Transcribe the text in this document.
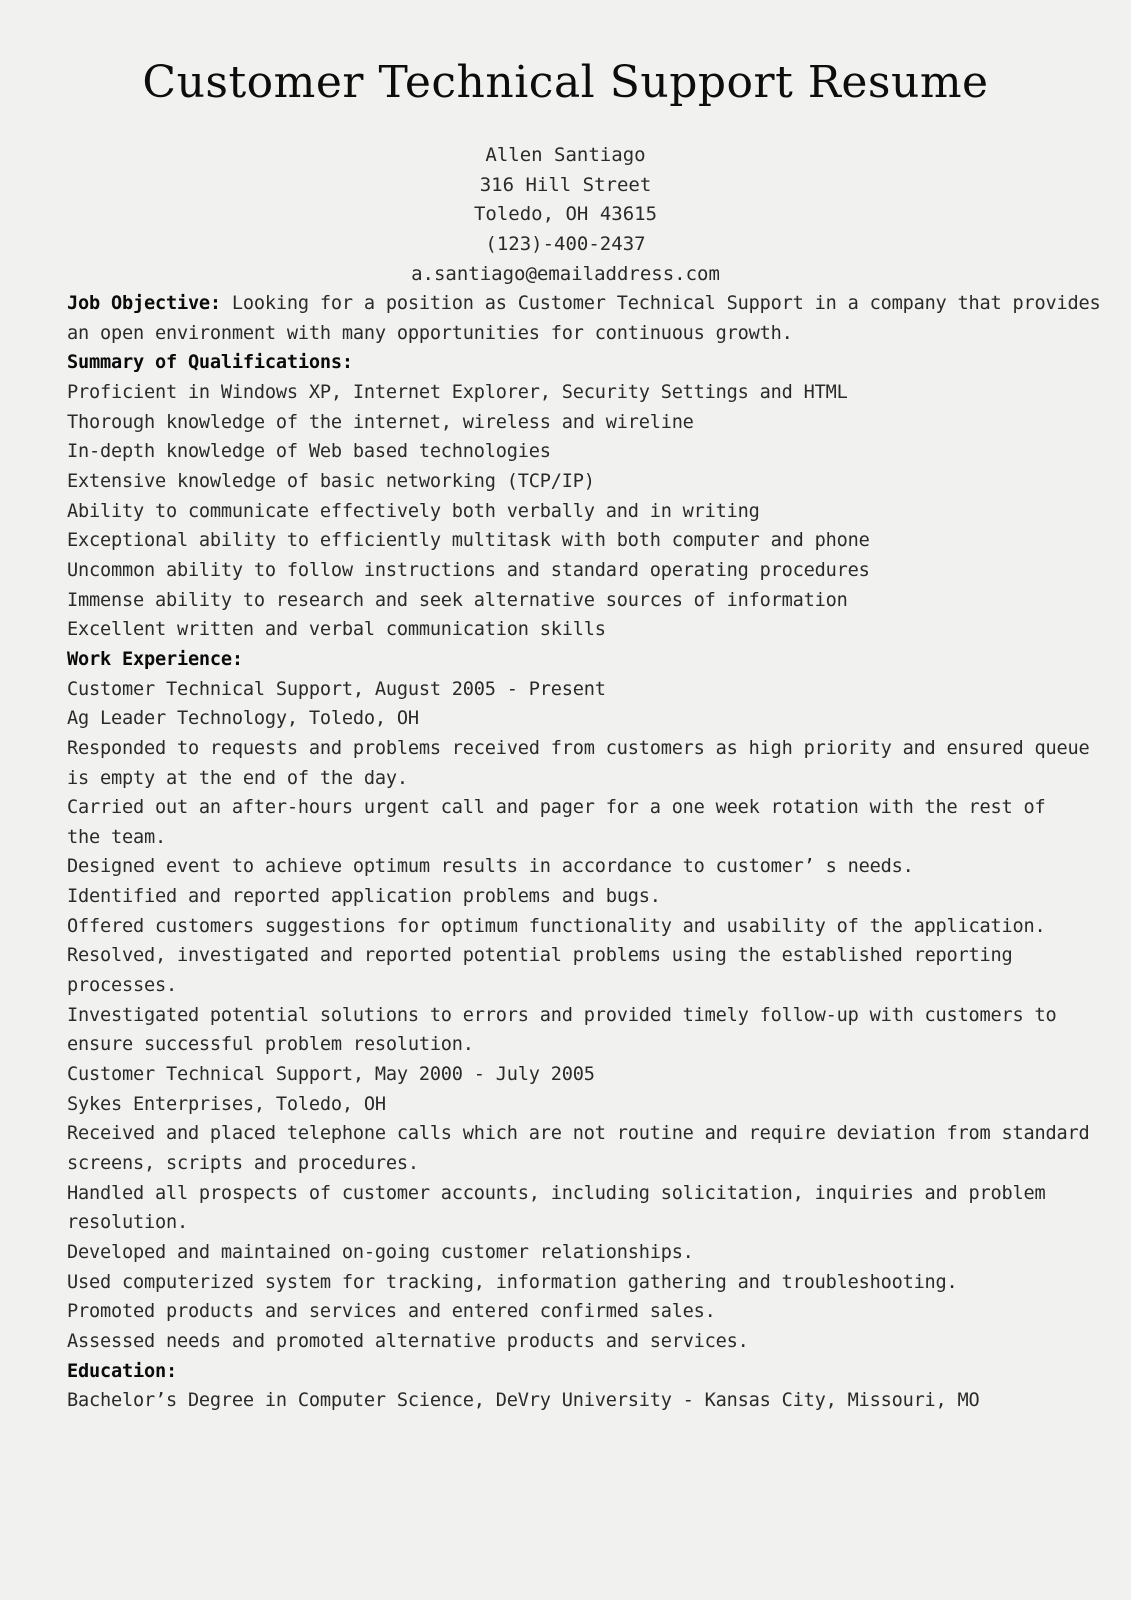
Customer Technical Support Resume
Allen Santiago
316 Hill Street
Toledo, OH 43615
(123)-400-2437
a.santiago@emailaddress.com
Job Objective: Looking for a position as Customer Technical Support in a company that provides
an open environment with many opportunities for continuous growth.
Summary of Qualifications:
Proficient in Windows XP, Internet Explorer, Security Settings and HTML
Thorough knowledge of the internet, wireless and wireline
In-depth knowledge of Web based technologies
Extensive knowledge of basic networking (TCP/IP)
Ability to communicate effectively both verbally and in writing
Exceptional ability to efficiently multitask with both computer and phone
Uncommon ability to follow instructions and standard operating procedures
Immense ability to research and seek alternative sources of information
Excellent written and verbal communication skills
Work Experience:
Customer Technical Support, August 2005 - Present
Ag Leader Technology, Toledo, OH
Responded to requests and problems received from customers as high priority and ensured queue
is empty at the end of the day.
Carried out an after-hours urgent call and pager for a one week rotation with the rest of
the team.
Designed event to achieve optimum results in accordance to customer’ s needs.
Identified and reported application problems and bugs.
Offered customers suggestions for optimum functionality and usability of the application.
Resolved, investigated and reported potential problems using the established reporting
processes.
Investigated potential solutions to errors and provided timely follow-up with customers to
ensure successful problem resolution.
Customer Technical Support, May 2000 - July 2005
Sykes Enterprises, Toledo, OH
Received and placed telephone calls which are not routine and require deviation from standard
screens, scripts and procedures.
Handled all prospects of customer accounts, including solicitation, inquiries and problem
resolution.
Developed and maintained on-going customer relationships.
Used computerized system for tracking, information gathering and troubleshooting.
Promoted products and services and entered confirmed sales.
Assessed needs and promoted alternative products and services.
Education:
Bachelor’s Degree in Computer Science, DeVry University - Kansas City, Missouri, MO
